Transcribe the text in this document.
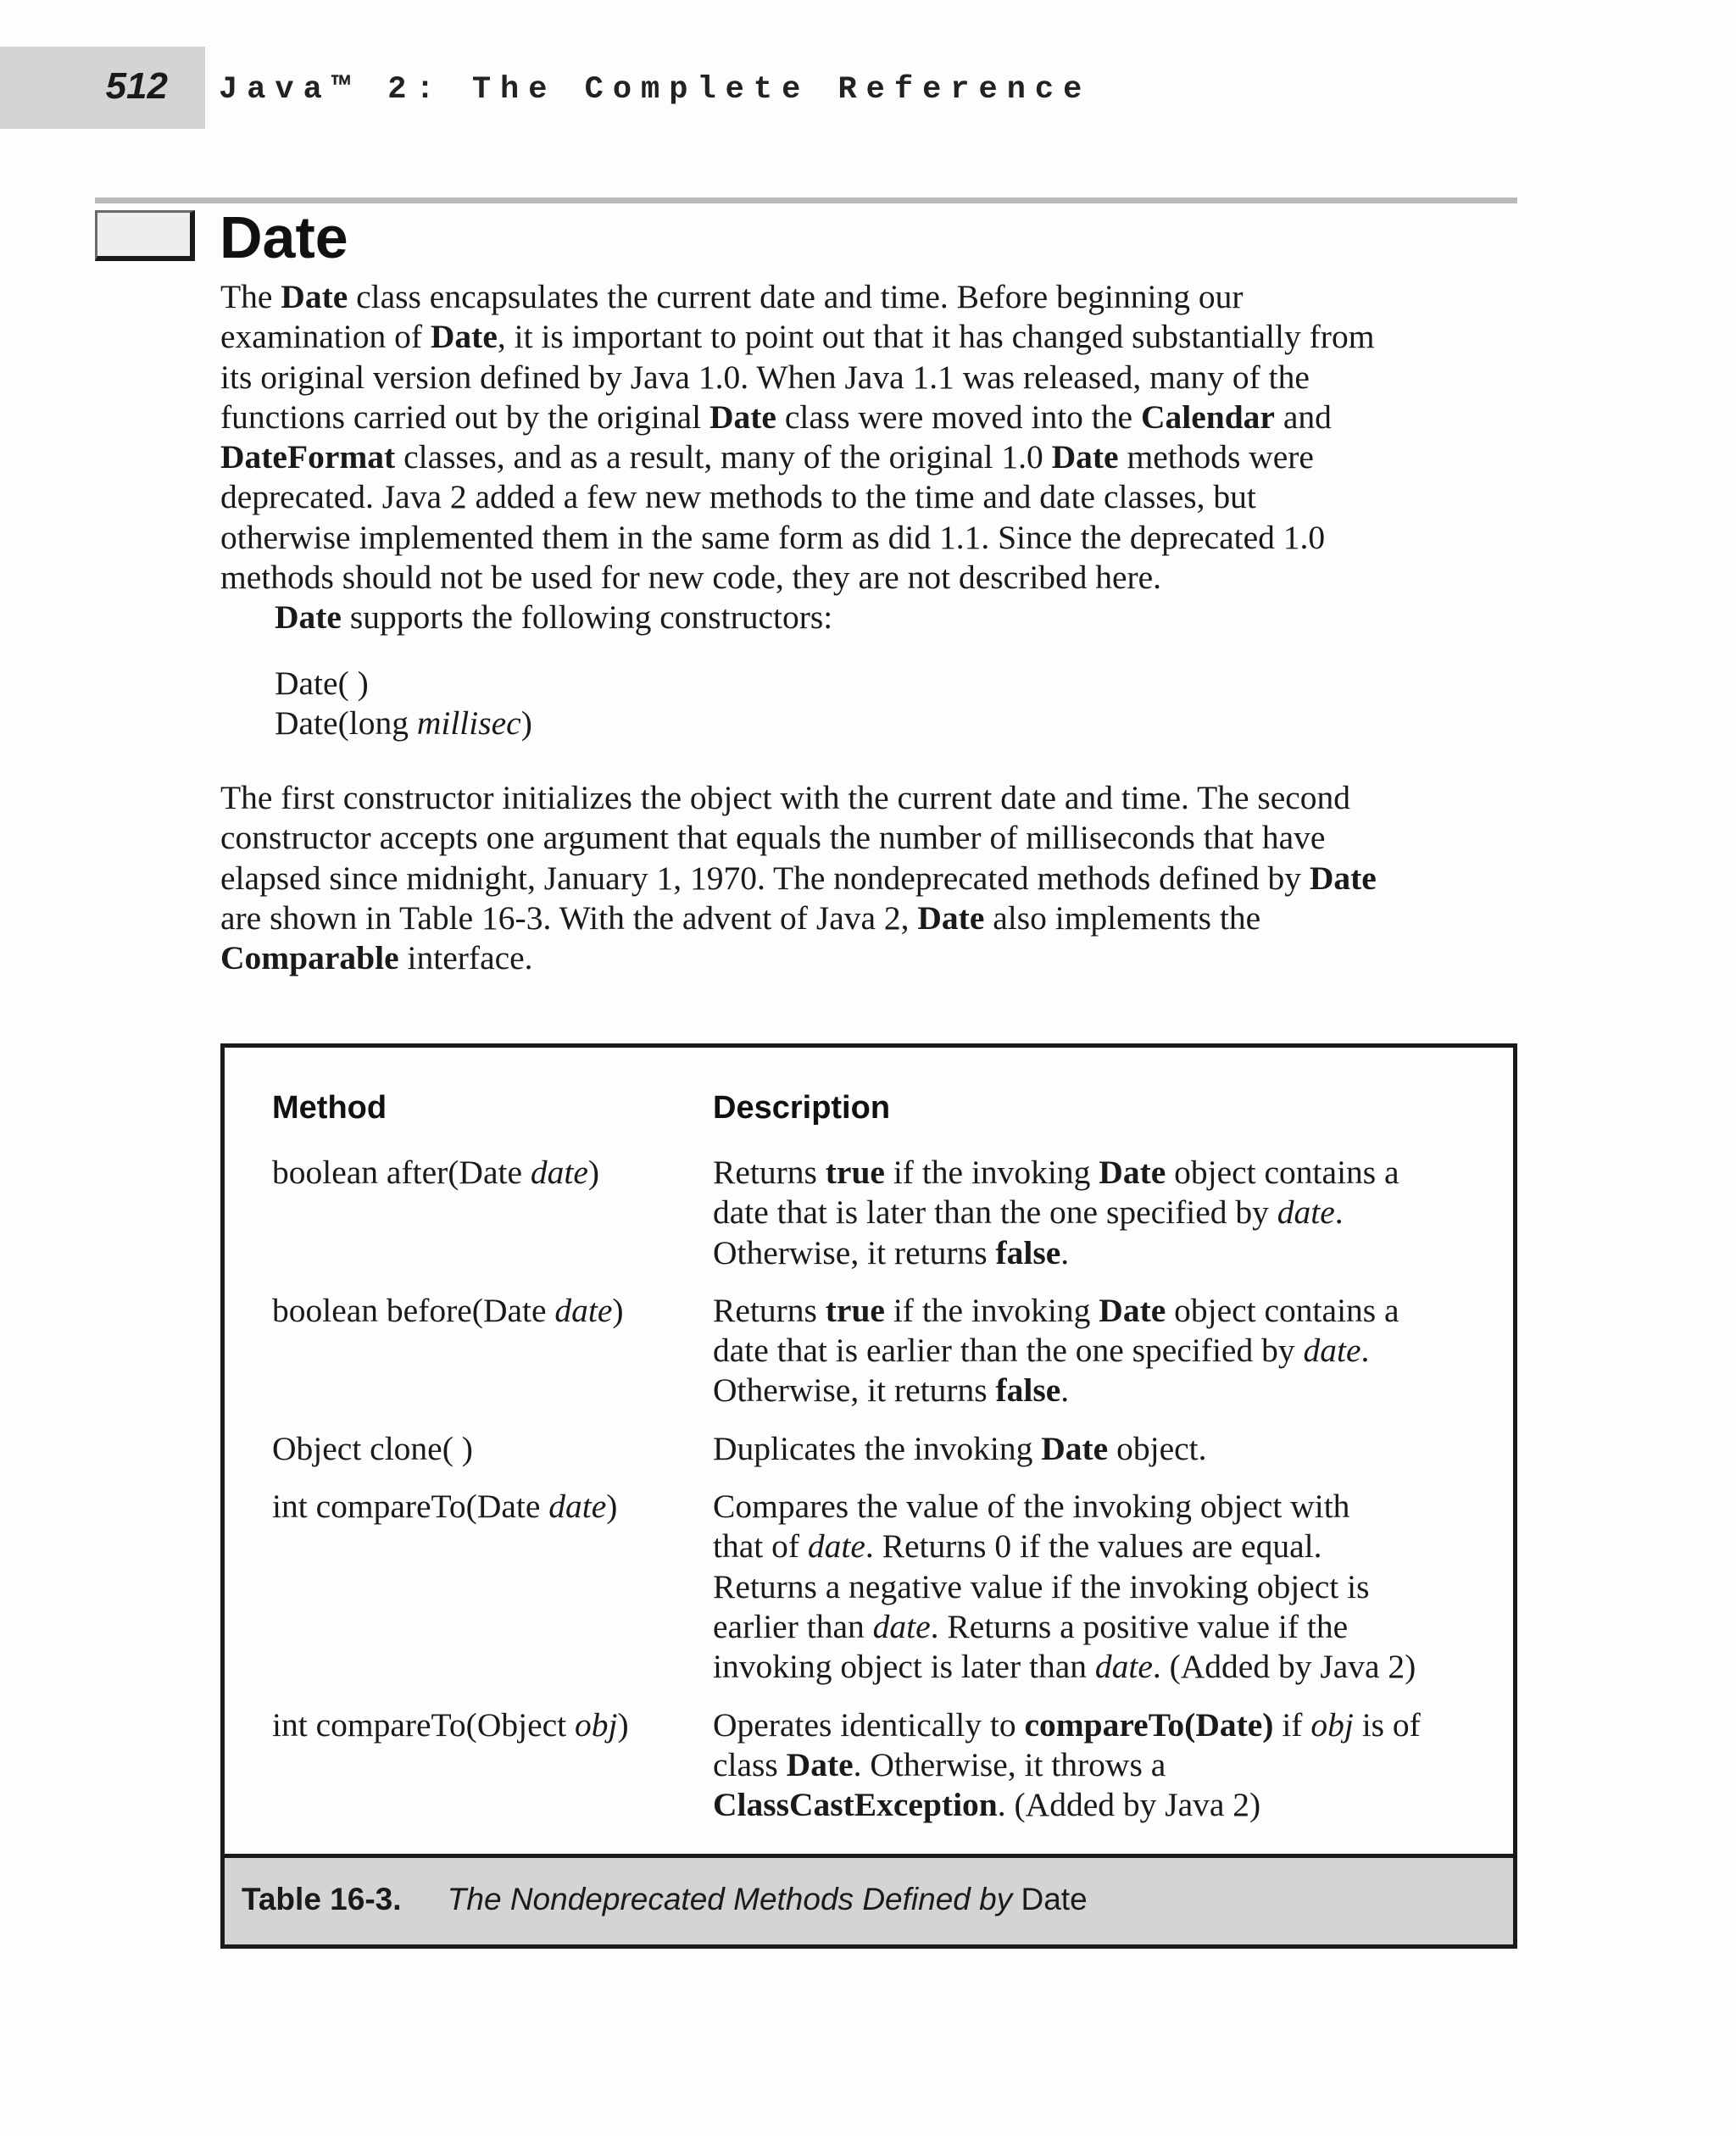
512 Java™ 2: The Complete Reference
Date
The Date class encapsulates the current date and time. Before beginning our
examination of Date, it is important to point out that it has changed substantially from
its original version defined by Java 1.0. When Java 1.1 was released, many of the
functions carried out by the original Date class were moved into the Calendar and
DateFormat classes, and as a result, many of the original 1.0 Date methods were
deprecated. Java 2 added a few new methods to the time and date classes, but
otherwise implemented them in the same form as did 1.1. Since the deprecated 1.0
methods should not be used for new code, they are not described here.

Date supports the following constructors:

Date( )
Date(long millisec)
The first constructor initializes the object with the current date and time. The second
constructor accepts one argument that equals the number of milliseconds that have
elapsed since midnight, January 1, 1970. The nondeprecated methods defined by Date
are shown in Table 16-3. With the advent of Java 2, Date also implements the
Comparable interface.
Method	Description
boolean after(Date date)	Returns true if the invoking Date object contains a
date that is later than the one specified by date.
Otherwise, it returns false.
boolean before(Date date)	Returns true if the invoking Date object contains a
date that is earlier than the one specified by date.
Otherwise, it returns false.
Object clone( )	Duplicates the invoking Date object.
int compareTo(Date date)	Compares the value of the invoking object with
that of date. Returns 0 if the values are equal.
Returns a negative value if the invoking object is
earlier than date. Returns a positive value if the
invoking object is later than date. (Added by Java 2)
int compareTo(Object obj)	Operates identically to compareTo(Date) if obj is of
class Date. Otherwise, it throws a
ClassCastException. (Added by Java 2)
Table 16-3. The Nondeprecated Methods Defined by Date
